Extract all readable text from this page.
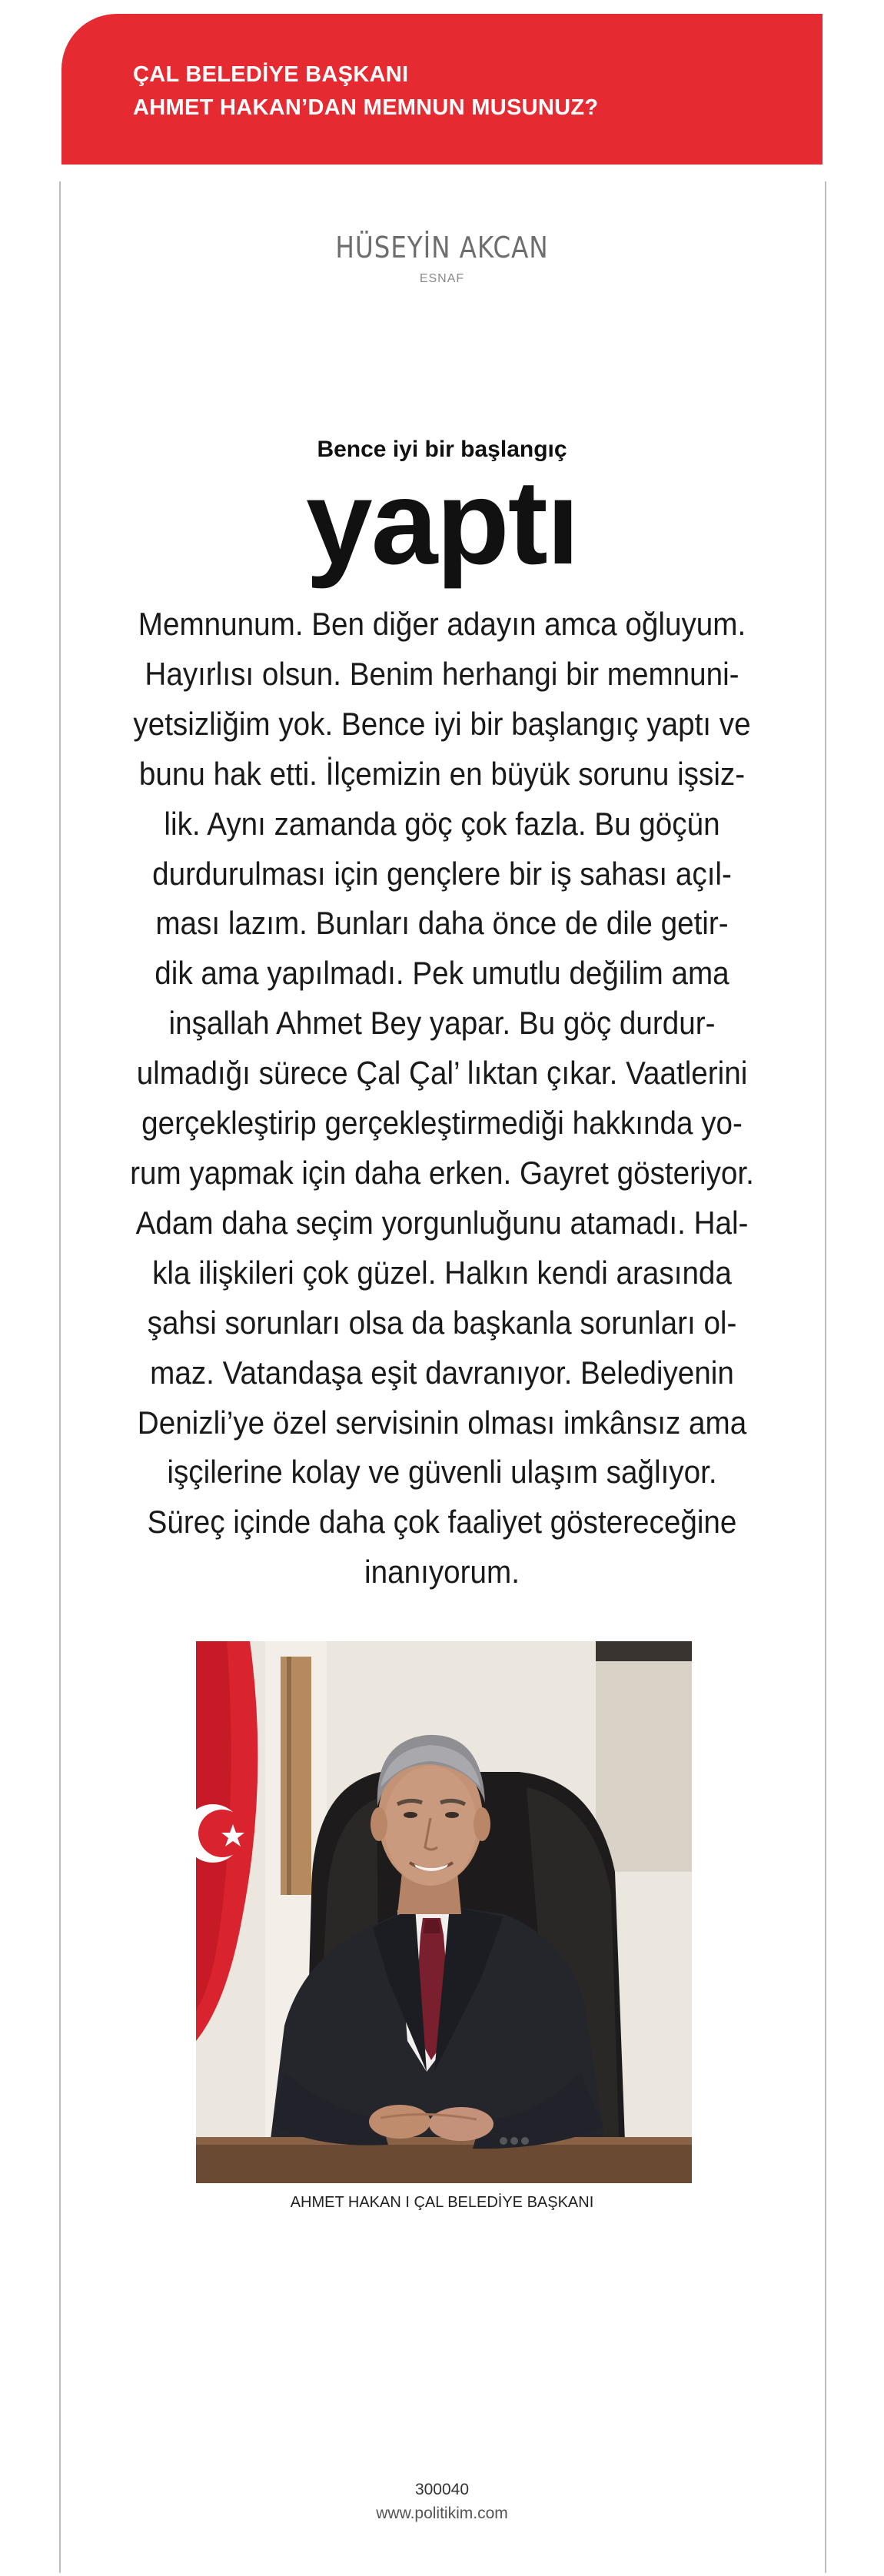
ÇAL BELEDİYE BAŞKANI
AHMET HAKAN’DAN MEMNUN MUSUNUZ?
HÜSEYİN AKCAN
ESNAF
Bence iyi bir başlangıç
yaptı
Memnunum. Ben diğer adayın amca oğluyum.
Hayırlısı olsun. Benim herhangi bir memnuni-
yetsizliğim yok. Bence iyi bir başlangıç yaptı ve
bunu hak etti. İlçemizin en büyük sorunu işsiz-
lik. Aynı zamanda göç çok fazla. Bu göçün
durdurulması için gençlere bir iş sahası açıl-
ması lazım. Bunları daha önce de dile getir-
dik ama yapılmadı. Pek umutlu değilim ama
inşallah Ahmet Bey yapar. Bu göç durdur-
ulmadığı sürece Çal Çal’ lıktan çıkar. Vaatlerini
gerçekleştirip gerçekleştirmediği hakkında yo-
rum yapmak için daha erken. Gayret gösteriyor.
Adam daha seçim yorgunluğunu atamadı. Hal-
kla ilişkileri çok güzel. Halkın kendi arasında
şahsi sorunları olsa da başkanla sorunları ol-
maz. Vatandaşa eşit davranıyor. Belediyenin
Denizli’ye özel servisinin olması imkânsız ama
işçilerine kolay ve güvenli ulaşım sağlıyor.
Süreç içinde daha çok faaliyet göstereceğine
inanıyorum.
AHMET HAKAN I ÇAL BELEDİYE BAŞKANI
300040
www.politikim.com
